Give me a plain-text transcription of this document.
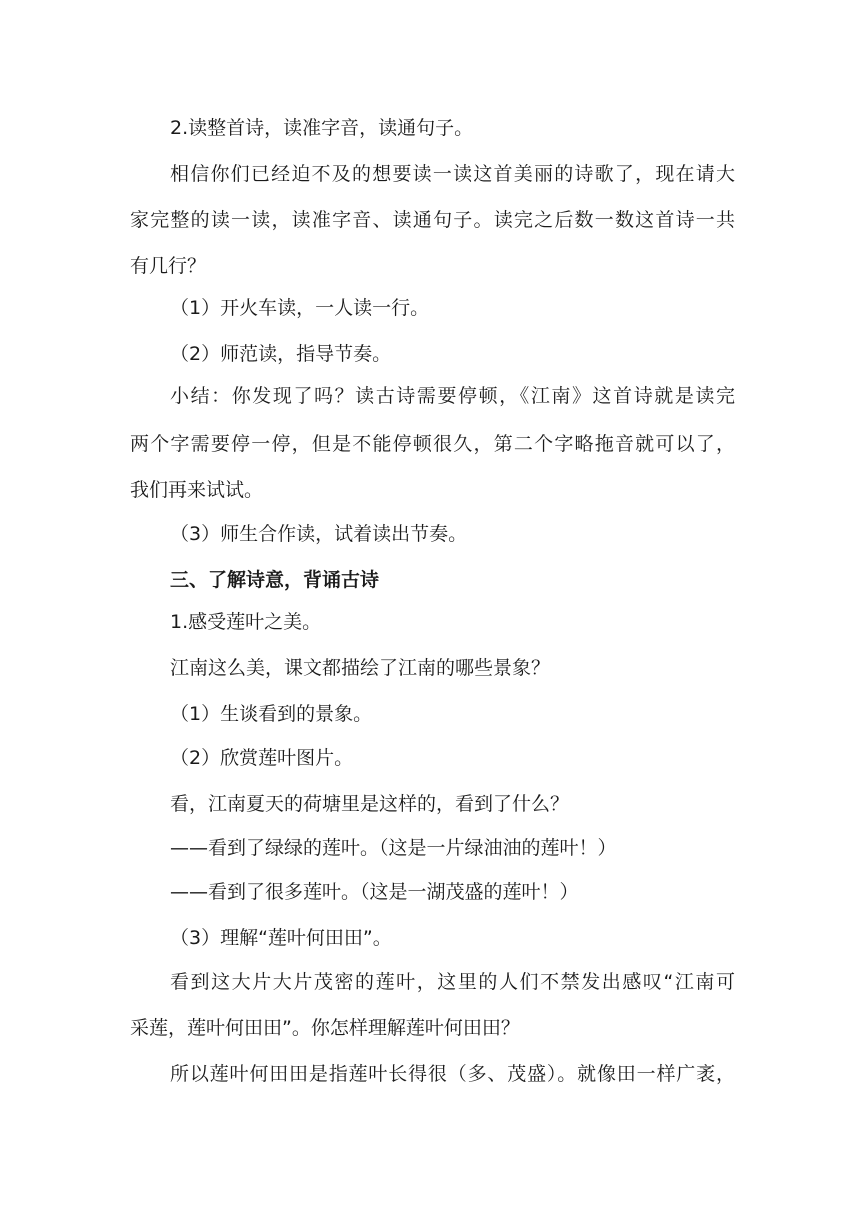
2.读整首诗，读准字音，读通句子。

相信你们已经迫不及的想要读一读这首美丽的诗歌了，现在请大

家完整的读一读，读准字音、读通句子。读完之后数一数这首诗一共

有几行？

（1）开火车读，一人读一行。

（2）师范读，指导节奏。

小结：你发现了吗？读古诗需要停顿，《江南》这首诗就是读完

两个字需要停一停，但是不能停顿很久，第二个字略拖音就可以了，

我们再来试试。

（3）师生合作读，试着读出节奏。

三、了解诗意，背诵古诗

1.感受莲叶之美。

江南这么美，课文都描绘了江南的哪些景象？

（1）生谈看到的景象。

（2）欣赏莲叶图片。

看，江南夏天的荷塘里是这样的，看到了什么？

——看到了绿绿的莲叶。（这是一片绿油油的莲叶！）

——看到了很多莲叶。（这是一湖茂盛的莲叶！）

（3）理解“莲叶何田田”。

看到这大片大片茂密的莲叶，这里的人们不禁发出感叹“江南可

采莲，莲叶何田田”。你怎样理解莲叶何田田？

所以莲叶何田田是指莲叶长得很（多、茂盛）。就像田一样广袤，
